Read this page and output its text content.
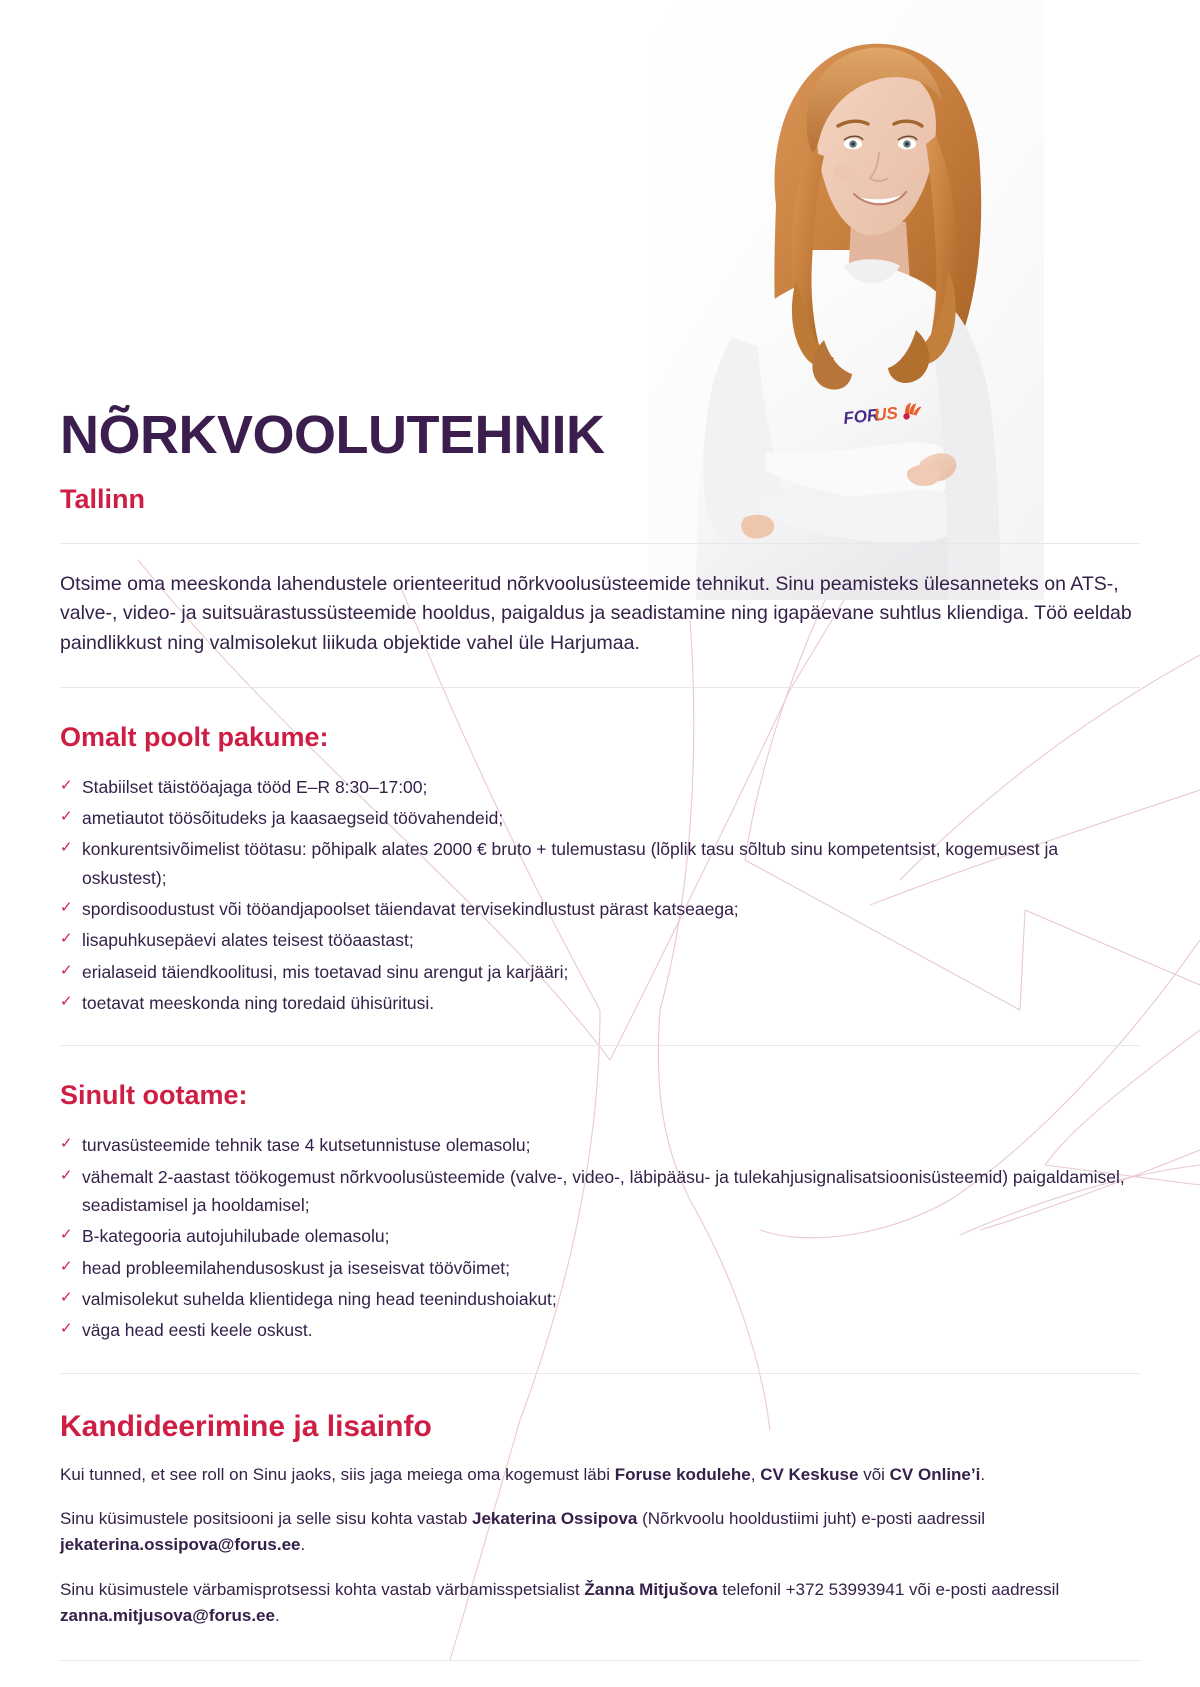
FOR
US
NÕRKVOOLUTEHNIK
Tallinn

Otsime oma meeskonda lahendustele orienteeritud nõrkvoolusüsteemide tehnikut. Sinu peamisteks ülesanneteks on ATS-, valve-, video- ja suitsuärastussüsteemide hooldus, paigaldus ja seadistamine ning igapäevane suhtlus kliendiga. Töö eeldab paindlikkust ning valmisolekut liikuda objektide vahel üle Harjumaa.

Omalt poolt pakume:
✓ Stabiilset täistööajaga tööd E–R 8:30–17:00;
✓ ametiautot töösõitudeks ja kaasaegseid töövahendeid;
✓ konkurentsivõimelist töötasu: põhipalk alates 2000 € bruto + tulemustasu (lõplik tasu sõltub sinu kompetentsist, kogemusest ja oskustest);
✓ spordisoodustust või tööandjapoolset täiendavat tervisekindlustust pärast katseaega;
✓ lisapuhkusepäevi alates teisest tööaastast;
✓ erialaseid täiendkoolitusi, mis toetavad sinu arengut ja karjääri;
✓ toetavat meeskonda ning toredaid ühisüritusi.
Sinult ootame:
✓ turvasüsteemide tehnik tase 4 kutsetunnistuse olemasolu;
✓ vähemalt 2-aastast töökogemust nõrkvoolusüsteemide (valve-, video-, läbipääsu- ja tulekahjusignalisatsioonisüsteemid) paigaldamisel, seadistamisel ja hooldamisel;
✓ B-kategooria autojuhilubade olemasolu;
✓ head probleemilahendusoskust ja iseseisvat töövõimet;
✓ valmisolekut suhelda klientidega ning head teenindushoiakut;
✓ väga head eesti keele oskust.
Kandideerimine ja lisainfo

Kui tunned, et see roll on Sinu jaoks, siis jaga meiega oma kogemust läbi Foruse kodulehe, CV Keskuse või CV Online’i.

Sinu küsimustele positsiooni ja selle sisu kohta vastab Jekaterina Ossipova (Nõrkvoolu hooldustiimi juht) e-posti aadressil jekaterina.ossipova@forus.ee.

Sinu küsimustele värbamisprotsessi kohta vastab värbamisspetsialist Žanna Mitjušova telefonil +372 53993941 või e-posti aadressil zanna.mitjusova@forus.ee.
